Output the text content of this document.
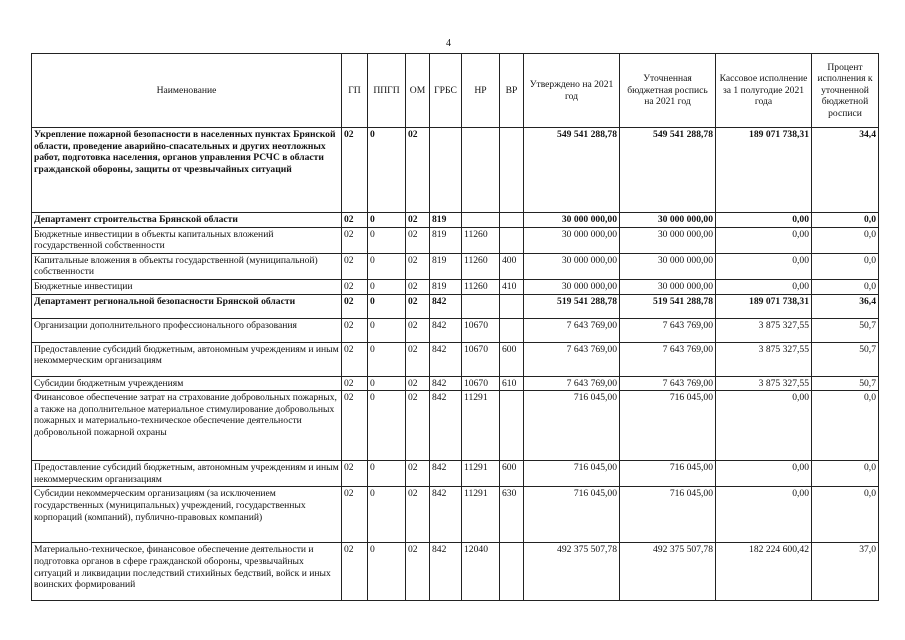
4
Наименование	ГП	ППГП	ОМ	ГРБС	НР	ВР	Утверждено на 2021 год	Уточненная бюджетная роспись на 2021 год	Кассовое исполнение за 1 полугодие 2021 года	Процент исполнения к уточненной бюджетной росписи
Укрепление пожарной безопасности в населенных пунктах Брянской области, проведение аварийно-спасательных и других неотложных работ, подготовка населения, органов управления РСЧС в области гражданской обороны, защиты от чрезвычайных ситуаций	02	0	02				549 541 288,78	549 541 288,78	189 071 738,31	34,4
Департамент строительства Брянской области	02	0	02	819			30 000 000,00	30 000 000,00	0,00	0,0
Бюджетные инвестиции в объекты капитальных вложений государственной собственности	02	0	02	819	11260		30 000 000,00	30 000 000,00	0,00	0,0
Капитальные вложения в объекты государственной (муниципальной) собственности	02	0	02	819	11260	400	30 000 000,00	30 000 000,00	0,00	0,0
Бюджетные инвестиции	02	0	02	819	11260	410	30 000 000,00	30 000 000,00	0,00	0,0
Департамент региональной безопасности Брянской области	02	0	02	842			519 541 288,78	519 541 288,78	189 071 738,31	36,4
Организации дополнительного профессионального образования	02	0	02	842	10670		7 643 769,00	7 643 769,00	3 875 327,55	50,7
Предоставление субсидий бюджетным, автономным учреждениям и иным некоммерческим организациям	02	0	02	842	10670	600	7 643 769,00	7 643 769,00	3 875 327,55	50,7
Субсидии бюджетным учреждениям	02	0	02	842	10670	610	7 643 769,00	7 643 769,00	3 875 327,55	50,7
Финансовое обеспечение затрат на страхование добровольных пожарных, а также на дополнительное материальное стимулирование добровольных пожарных и материально-техническое обеспечение деятельности добровольной пожарной охраны	02	0	02	842	11291		716 045,00	716 045,00	0,00	0,0
Предоставление субсидий бюджетным, автономным учреждениям и иным некоммерческим организациям	02	0	02	842	11291	600	716 045,00	716 045,00	0,00	0,0
Субсидии некоммерческим организациям (за исключением государственных (муниципальных) учреждений, государственных корпораций (компаний), публично-правовых компаний)	02	0	02	842	11291	630	716 045,00	716 045,00	0,00	0,0
Материально-техническое, финансовое обеспечение деятельности и подготовка органов в сфере гражданской обороны, чрезвычайных ситуаций и ликвидации последствий стихийных бедствий, войск и иных воинских формирований	02	0	02	842	12040		492 375 507,78	492 375 507,78	182 224 600,42	37,0
